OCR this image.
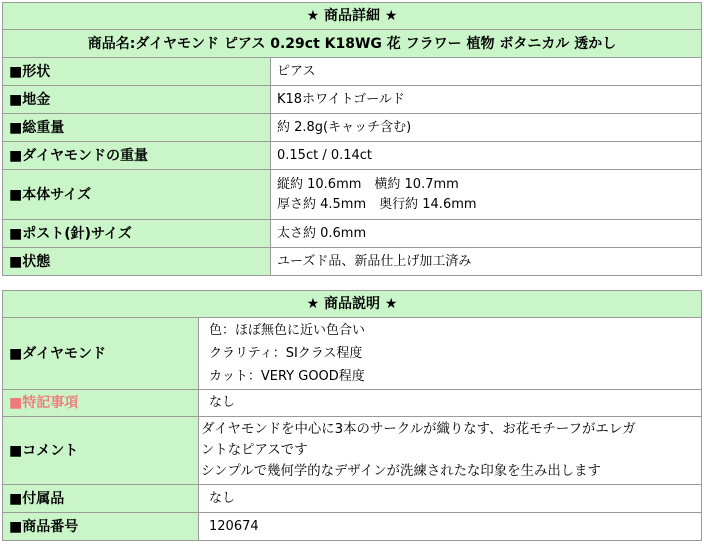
★ 商品詳細 ★	
商品名:ダイヤモンド ピアス 0.29ct K18WG 花 フラワー 植物 ボタニカル 透かし	
■形状	ピアス
■地金	K18ホワイトゴールド
■総重量	約 2.8g(キャッチ含む)
■ダイヤモンドの重量	0.15ct / 0.14ct
■本体サイズ	縦約 10.6mm　横約 10.7mm
厚さ約 4.5mm　奥行約 14.6mm

■ポスト(針)サイズ	太さ約 0.6mm
■状態	ユーズド品、新品仕上げ加工済み
★ 商品説明 ★	
■ダイヤモンド	色：ほぼ無色に近い色合い
クラリティ：SIクラス程度
カット：VERY GOOD程度

■特記事項	なし
■コメント	ダイヤモンドを中心に3本のサークルが織りなす、お花モチーフがエレガ
ントなピアスです
シンプルで幾何学的なデザインが洗練されたな印象を生み出します

■付属品	なし
■商品番号	120674
